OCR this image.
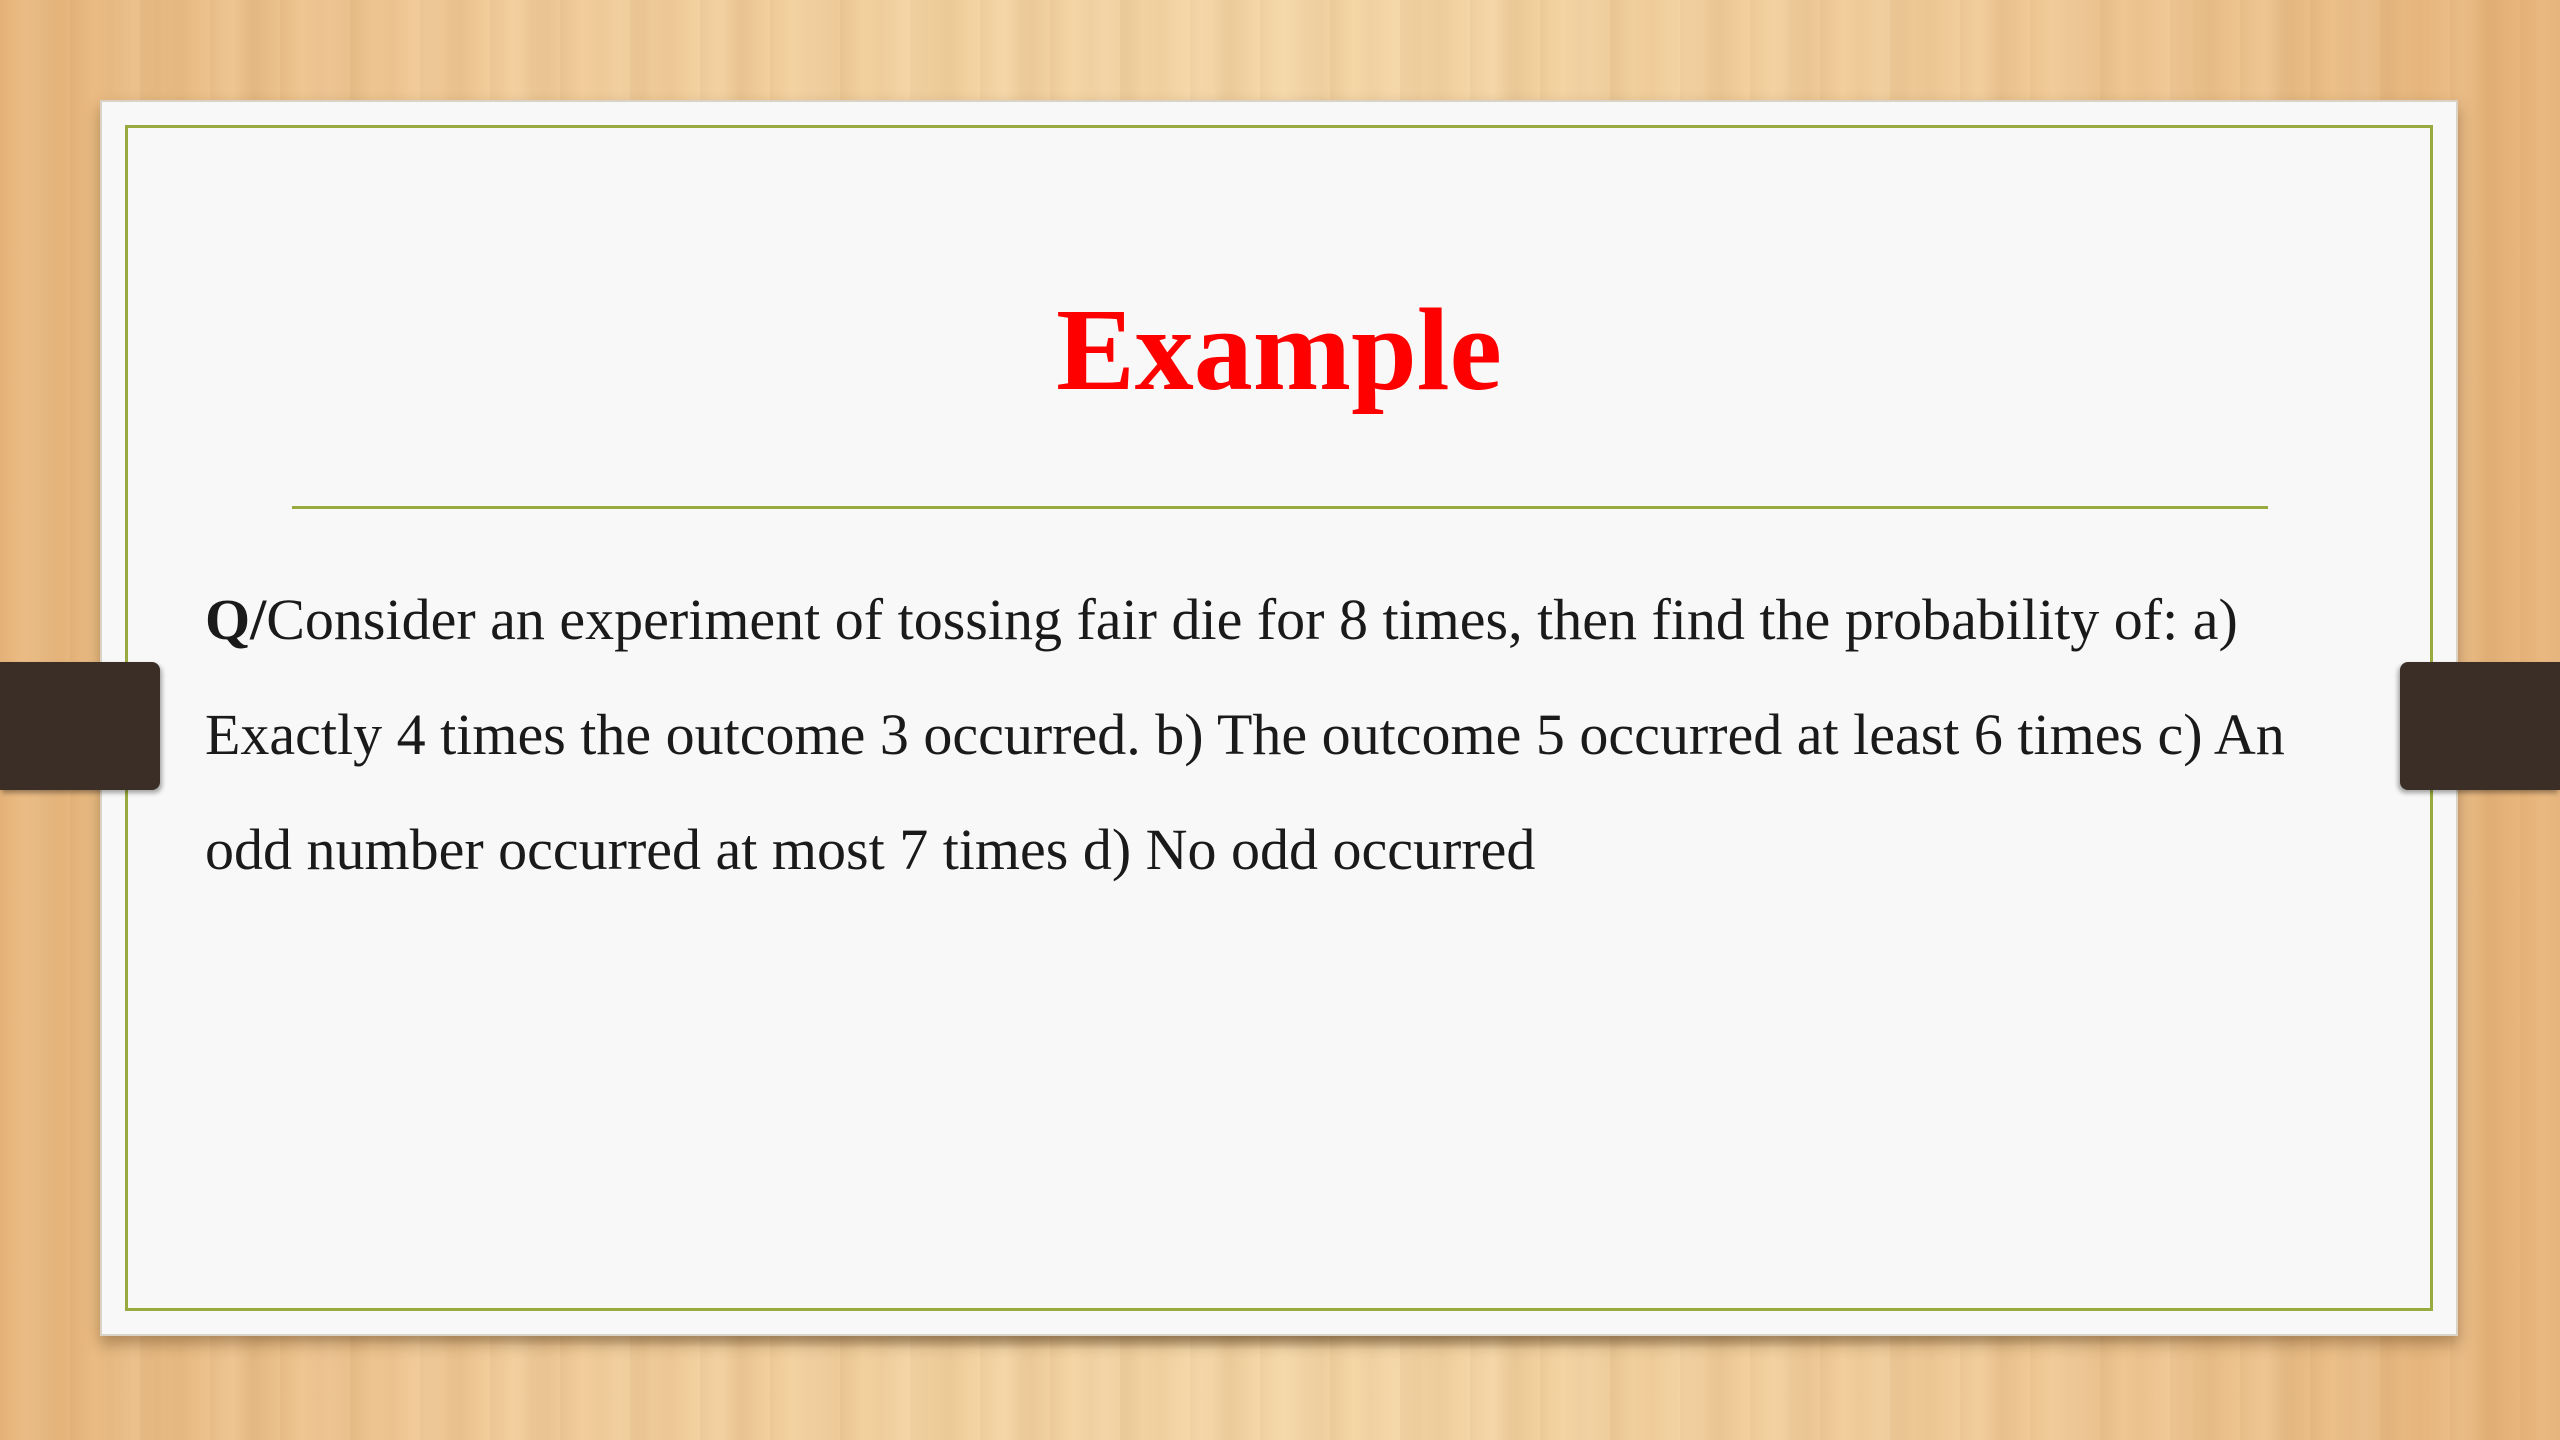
Example
Q/Consider an experiment of tossing fair die for 8 times, then find the probability of: a) Exactly 4 times the outcome 3 occurred. b) The outcome 5 occurred at least 6 times c) An odd number occurred at most 7 times d) No odd occurred
